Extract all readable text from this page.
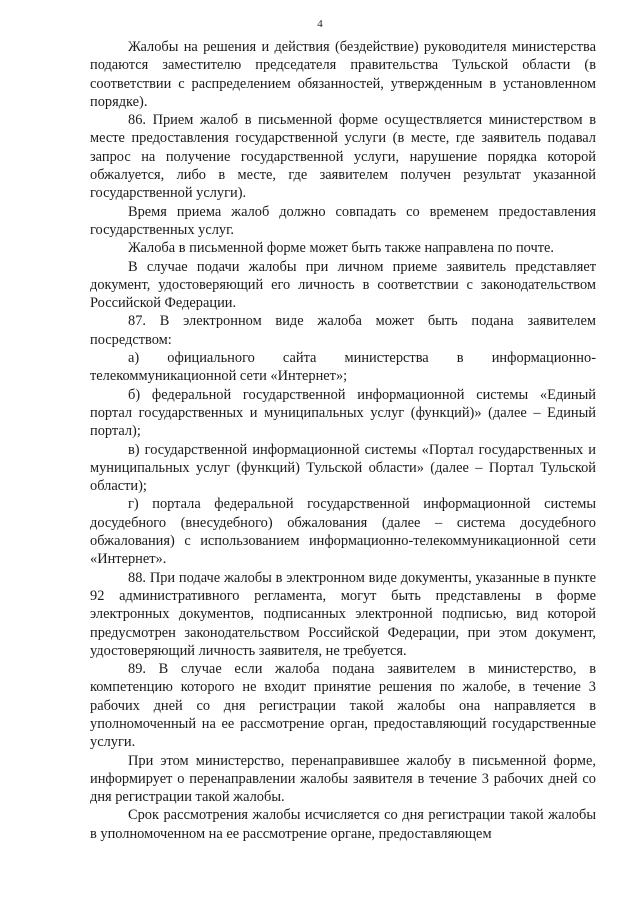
4

Жалобы на решения и действия (бездействие) руководителя министерства подаются заместителю председателя правительства Тульской области (в соответствии с распределением обязанностей, утвержденным в установленном порядке).

86. Прием жалоб в письменной форме осуществляется министерством в месте предоставления государственной услуги (в месте, где заявитель подавал запрос на получение государственной услуги, нарушение порядка которой обжалуется, либо в месте, где заявителем получен результат указанной государственной услуги).

Время приема жалоб должно совпадать со временем предоставления государственных услуг.

Жалоба в письменной форме может быть также направлена по почте.

В случае подачи жалобы при личном приеме заявитель представляет документ, удостоверяющий его личность в соответствии с законодательством Российской Федерации.

87. В электронном виде жалоба может быть подана заявителем посредством:

а) официального сайта министерства в информационно-телекоммуникационной сети «Интернет»;

б) федеральной государственной информационной системы «Единый портал государственных и муниципальных услуг (функций)» (далее – Единый портал);

в) государственной информационной системы «Портал государственных и муниципальных услуг (функций) Тульской области» (далее – Портал Тульской области);

г) портала федеральной государственной информационной системы досудебного (внесудебного) обжалования (далее – система досудебного обжалования) с использованием информационно-телекоммуникационной сети «Интернет».

88. При подаче жалобы в электронном виде документы, указанные в пункте 92 административного регламента, могут быть представлены в форме электронных документов, подписанных электронной подписью, вид которой предусмотрен законодательством Российской Федерации, при этом документ, удостоверяющий личность заявителя, не требуется.

89. В случае если жалоба подана заявителем в министерство, в компетенцию которого не входит принятие решения по жалобе, в течение 3 рабочих дней со дня регистрации такой жалобы она направляется в уполномоченный на ее рассмотрение орган, предоставляющий государственные услуги.

При этом министерство, перенаправившее жалобу в письменной форме, информирует о перенаправлении жалобы заявителя в течение 3 рабочих дней со дня регистрации такой жалобы.

Срок рассмотрения жалобы исчисляется со дня регистрации такой жалобы в уполномоченном на ее рассмотрение органе, предоставляющем
